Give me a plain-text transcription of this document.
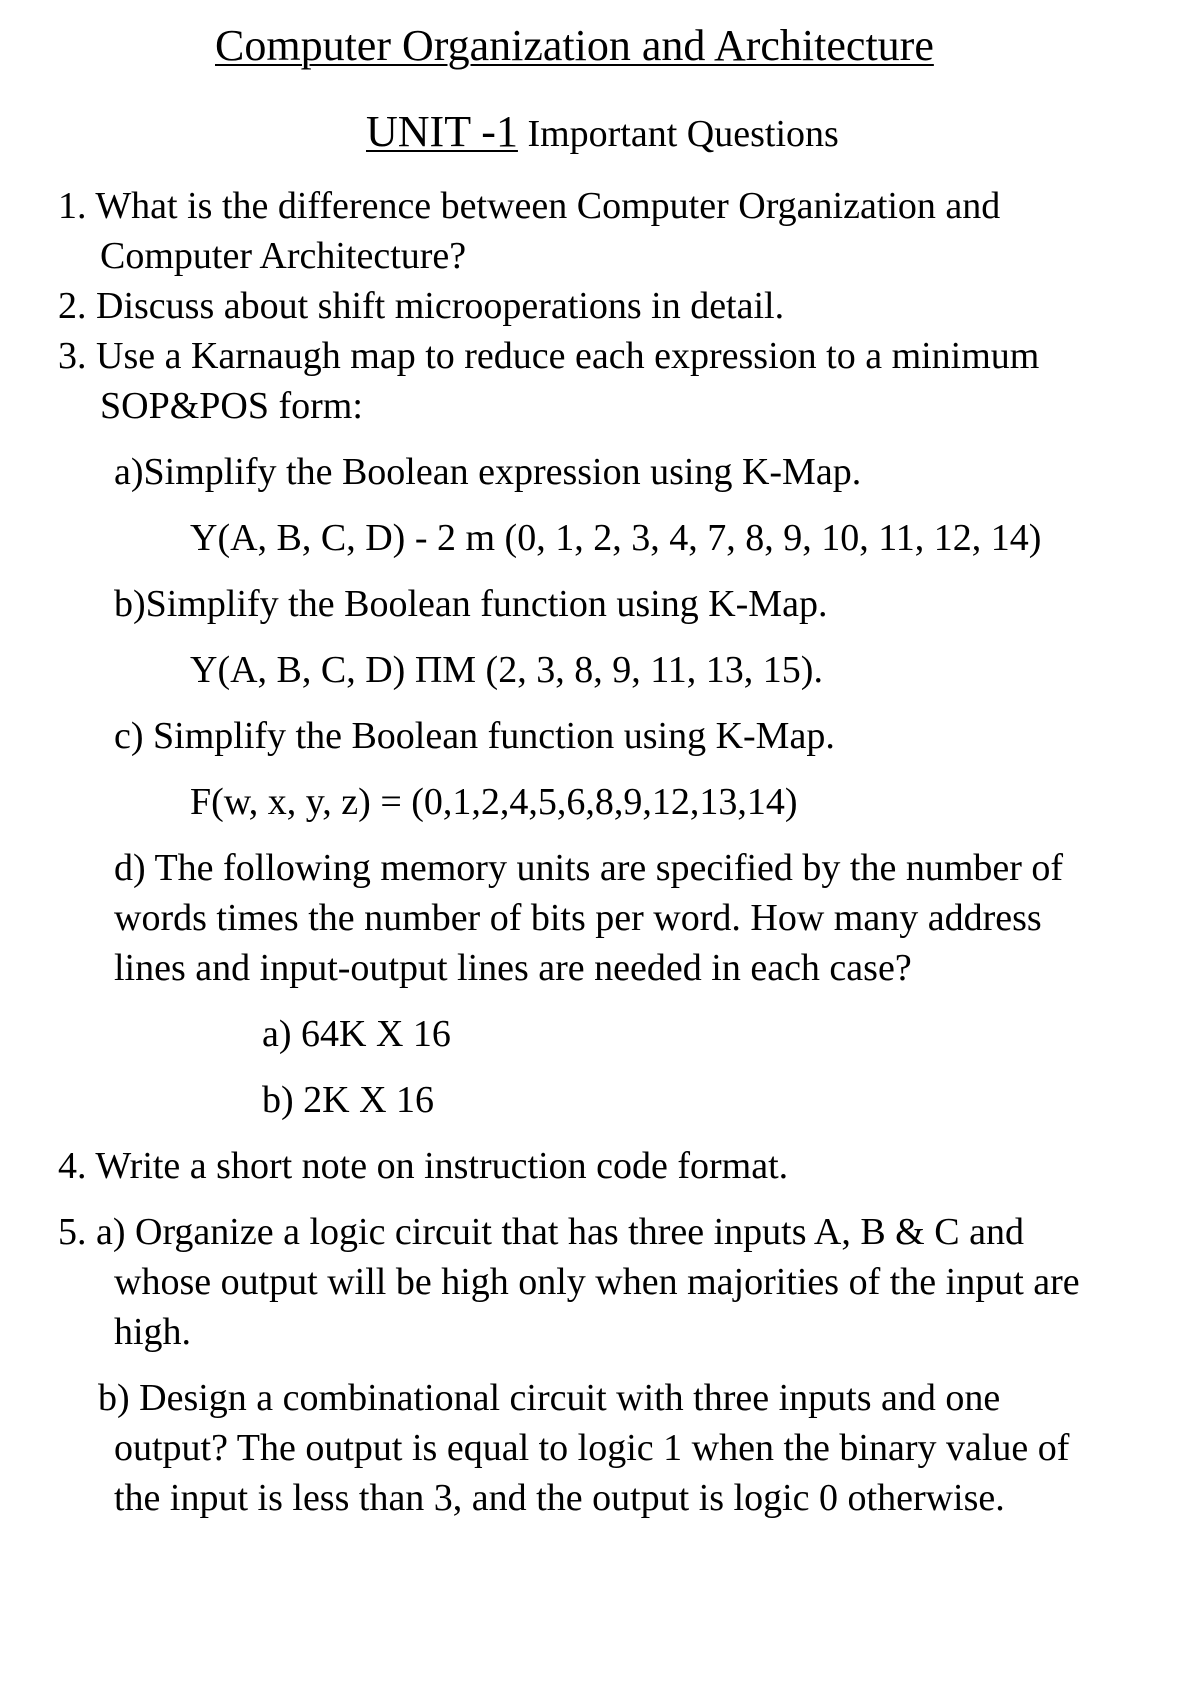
Computer Organization and Architecture
UNIT -1 Important Questions
1. What is the difference between Computer Organization and
Computer Architecture?
2. Discuss about shift microoperations in detail.
3. Use a Karnaugh map to reduce each expression to a minimum
SOP&POS form:
a)Simplify the Boolean expression using K-Map.
Y(A, B, C, D) - 2 m (0, 1, 2, 3, 4, 7, 8, 9, 10, 11, 12, 14)
b)Simplify the Boolean function using K-Map.
Y(A, B, C, D) ΠM (2, 3, 8, 9, 11, 13, 15).
c) Simplify the Boolean function using K-Map.
F(w, x, y, z) = (0,1,2,4,5,6,8,9,12,13,14)
d) The following memory units are specified by the number of
words times the number of bits per word. How many address
lines and input-output lines are needed in each case?
a) 64K X 16
b) 2K X 16
4. Write a short note on instruction code format.
5. a) Organize a logic circuit that has three inputs A, B & C and
whose output will be high only when majorities of the input are
high.
b) Design a combinational circuit with three inputs and one
output? The output is equal to logic 1 when the binary value of
the input is less than 3, and the output is logic 0 otherwise.
